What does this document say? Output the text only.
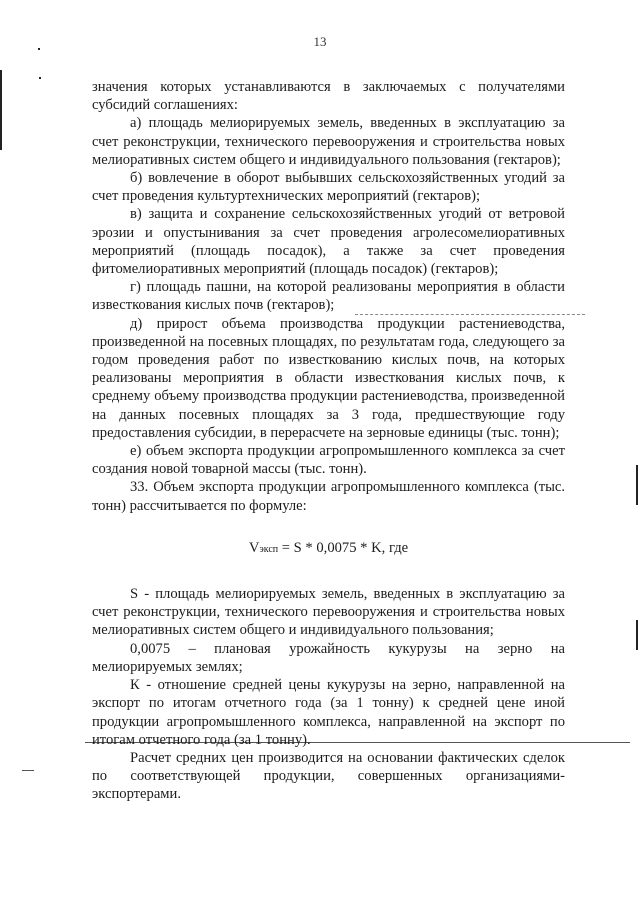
13

значения которых устанавливаются в заключаемых с получателями субсидий соглашениях:

а) площадь мелиорируемых земель, введенных в эксплуатацию за счет реконструкции, технического перевооружения и строительства новых мелиоративных систем общего и индивидуального пользования (гектаров);

б) вовлечение в оборот выбывших сельскохозяйственных угодий за счет проведения культуртехнических мероприятий (гектаров);

в) защита и сохранение сельскохозяйственных угодий от ветровой эрозии и опустынивания за счет проведения агролесомелиоративных мероприятий (площадь посадок), а также за счет проведения фитомелиоративных мероприятий (площадь посадок) (гектаров);

г) площадь пашни, на которой реализованы мероприятия в области известкования кислых почв (гектаров);

д) прирост объема производства продукции растениеводства, произведенной на посевных площадях, по результатам года, следующего за годом проведения работ по известкованию кислых почв, на которых реализованы мероприятия в области известкования кислых почв, к среднему объему производства продукции растениеводства, произведенной на данных посевных площадях за 3 года, предшествующие году предоставления субсидии, в перерасчете на зерновые единицы (тыс. тонн);

е) объем экспорта продукции агропромышленного комплекса за счет создания новой товарной массы (тыс. тонн).

33. Объем экспорта продукции агропромышленного комплекса (тыс. тонн) рассчитывается по формуле:

Vэксп = S * 0,0075 * K, где

S - площадь мелиорируемых земель, введенных в эксплуатацию за счет реконструкции, технического перевооружения и строительства новых мелиоративных систем общего и индивидуального пользования;

0,0075 – плановая урожайность кукурузы на зерно на мелиорируемых землях;

К - отношение средней цены кукурузы на зерно, направленной на экспорт по итогам отчетного года (за 1 тонну) к средней цене иной продукции агропромышленного комплекса, направленной на экспорт по итогам отчетного года (за 1 тонну).

Расчет средних цен производится на основании фактических сделок по соответствующей продукции, совершенных организациями-экспортерами.
